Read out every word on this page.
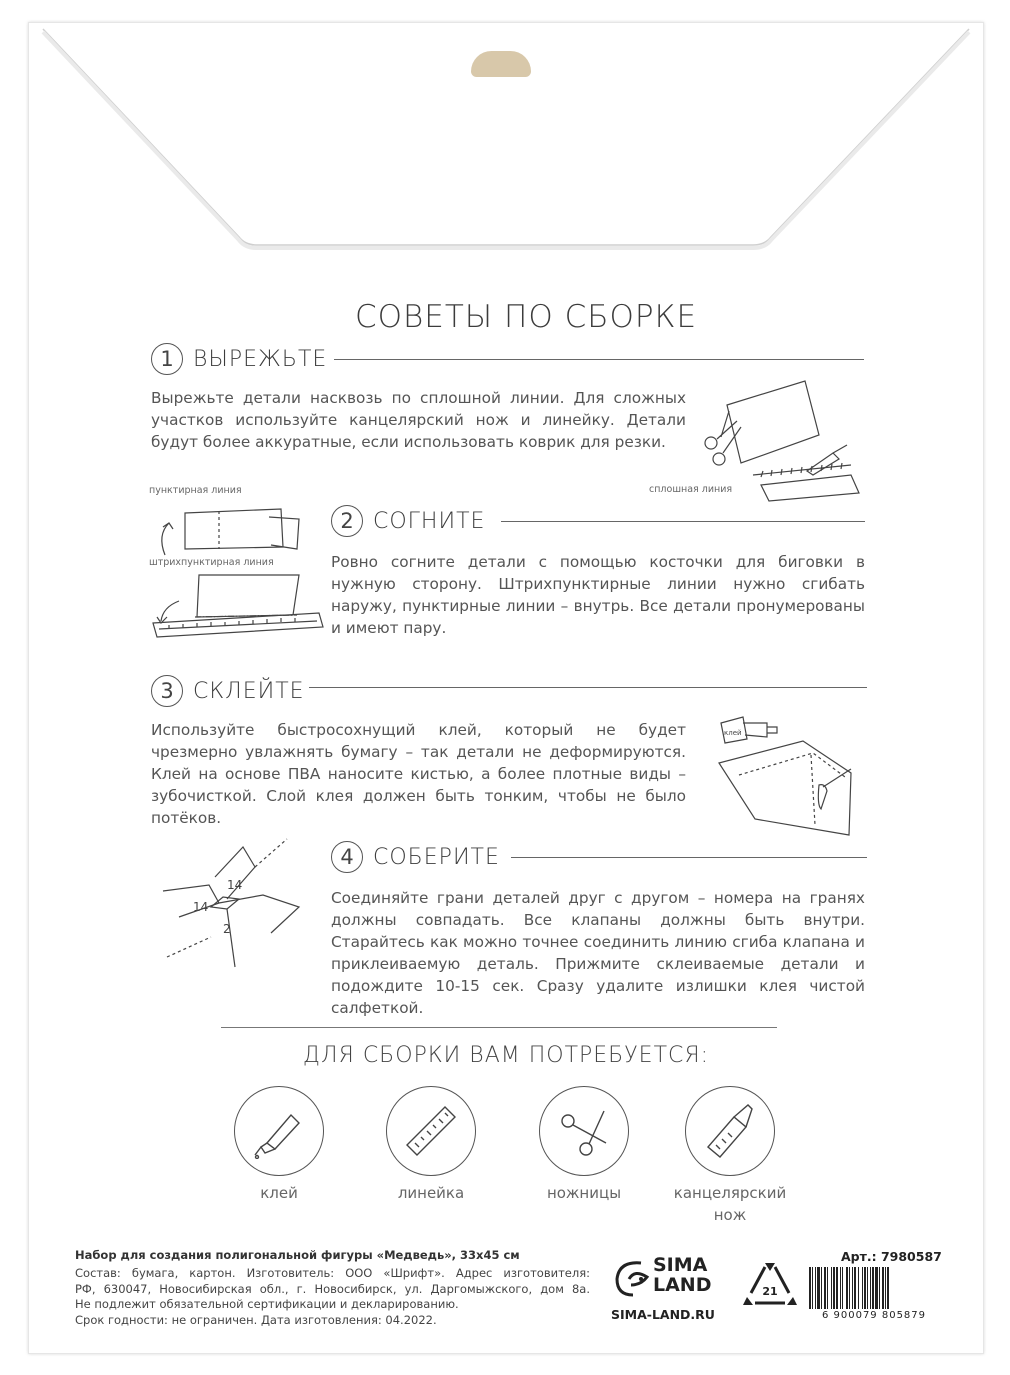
СОВЕТЫ ПО СБОРКЕ
1 ВЫРЕЖЬТЕ
Вырежьте детали насквозь по сплошной линии. Для сложных участков используйте канцелярский нож и линейку. Детали будут более аккуратные, если использовать коврик для резки.
сплошная линия
пунктирная линия
штрихпунктирная линия
2 СОГНИТЕ
Ровно согните детали с помощью косточки для биговки в нужную сторону. Штрихпунктирные линии нужно сгибать наружу, пунктирные линии – внутрь. Все детали пронумерованы и имеют пару.
3 СКЛЕЙТЕ
Используйте быстросохнущий клей, который не будет чрезмерно увлажнять бумагу – так детали не деформируются. Клей на основе ПВА наносите кистью, а более плотные виды – зубочисткой. Слой клея должен быть тонким, чтобы не было потёков.
клей
14
14
2
4 СОБЕРИТЕ
Соединяйте грани деталей друг с другом – номера на гранях должны совпадать. Все клапаны должны быть внутри. Старайтесь как можно точнее соединить линию сгиба клапана и приклеиваемую деталь. Прижмите склеиваемые детали и подождите 10-15 сек. Сразу удалите излишки клея чистой салфеткой.
ДЛЯ СБОРКИ ВАМ ПОТРЕБУЕТСЯ:
клей	линейка	ножницы	канцелярский
нож
Набор для создания полигональной фигуры «Медведь», 33х45 см
Состав: бумага, картон. Изготовитель: ООО «Шрифт». Адрес изготовителя:
РФ, 630047, Новосибирская обл., г. Новосибирск, ул. Даргомыжского, дом 8а.
Не подлежит обязательной сертификации и декларированию.
Срок годности: не ограничен. Дата изготовления: 04.2022.
SIMA
LAND
SIMA-LAND.RU
21
Арт.: 7980587
6 900079 805879
